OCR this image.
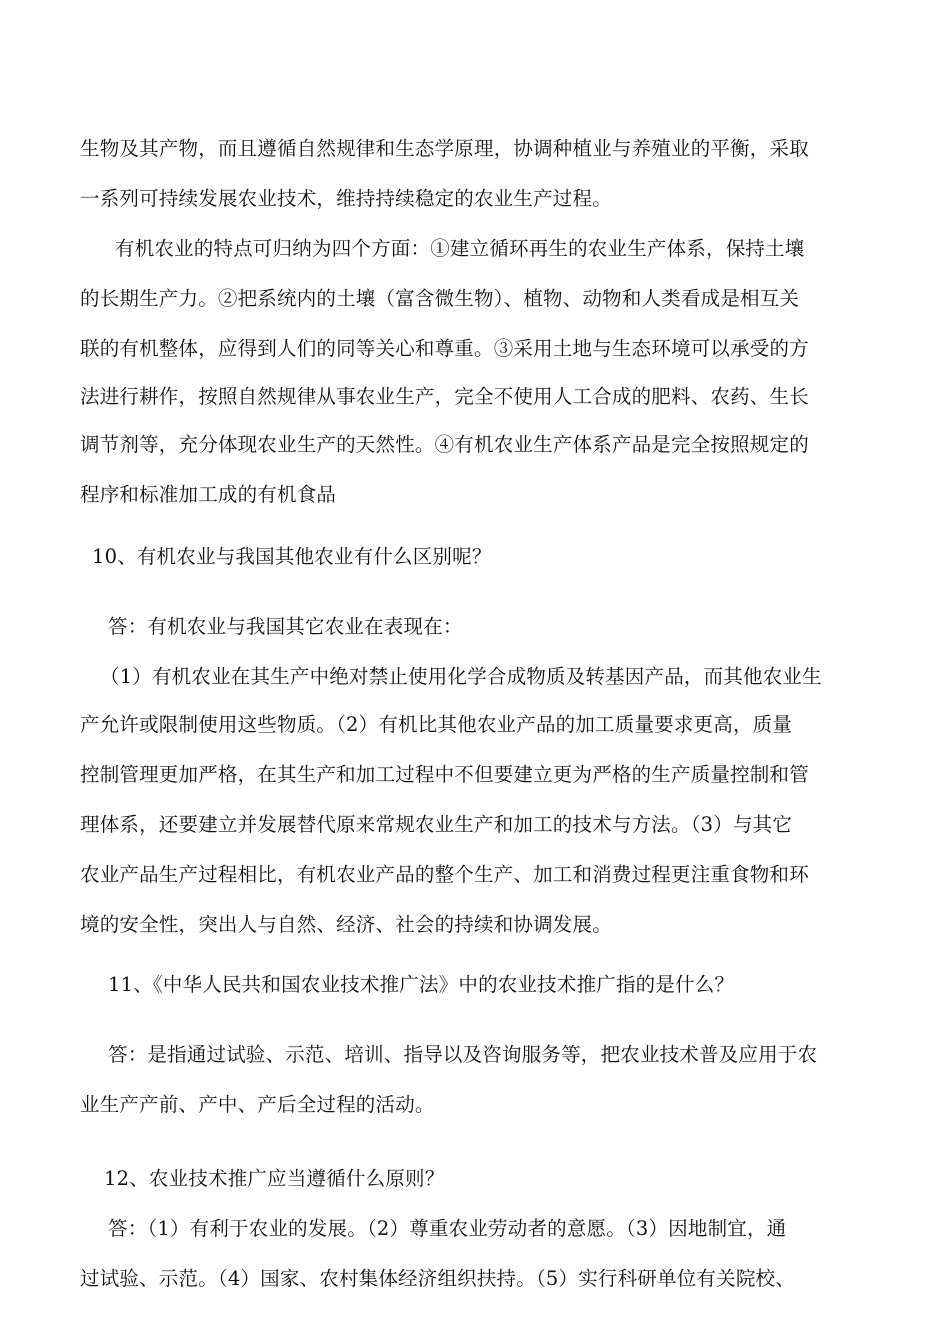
生物及其产物，而且遵循自然规律和生态学原理，协调种植业与养殖业的平衡，采取
一系列可持续发展农业技术，维持持续稳定的农业生产过程。
有机农业的特点可归纳为四个方面：①建立循环再生的农业生产体系，保持土壤
的长期生产力。②把系统内的土壤（富含微生物）、植物、动物和人类看成是相互关
联的有机整体，应得到人们的同等关心和尊重。③采用土地与生态环境可以承受的方
法进行耕作，按照自然规律从事农业生产，完全不使用人工合成的肥料、农药、生长
调节剂等，充分体现农业生产的天然性。④有机农业生产体系产品是完全按照规定的
程序和标准加工成的有机食品
10、有机农业与我国其他农业有什么区别呢？
答：有机农业与我国其它农业在表现在：
（1）有机农业在其生产中绝对禁止使用化学合成物质及转基因产品，而其他农业生
产允许或限制使用这些物质。（2）有机比其他农业产品的加工质量要求更高，质量
控制管理更加严格，在其生产和加工过程中不但要建立更为严格的生产质量控制和管
理体系，还要建立并发展替代原来常规农业生产和加工的技术与方法。（3）与其它
农业产品生产过程相比，有机农业产品的整个生产、加工和消费过程更注重食物和环
境的安全性，突出人与自然、经济、社会的持续和协调发展。
11、《中华人民共和国农业技术推广法》中的农业技术推广指的是什么？
答：是指通过试验、示范、培训、指导以及咨询服务等，把农业技术普及应用于农
业生产产前、产中、产后全过程的活动。
12、农业技术推广应当遵循什么原则？
答：（1）有利于农业的发展。（2）尊重农业劳动者的意愿。（3）因地制宜，通
过试验、示范。（4）国家、农村集体经济组织扶持。（5）实行科研单位有关院校、
